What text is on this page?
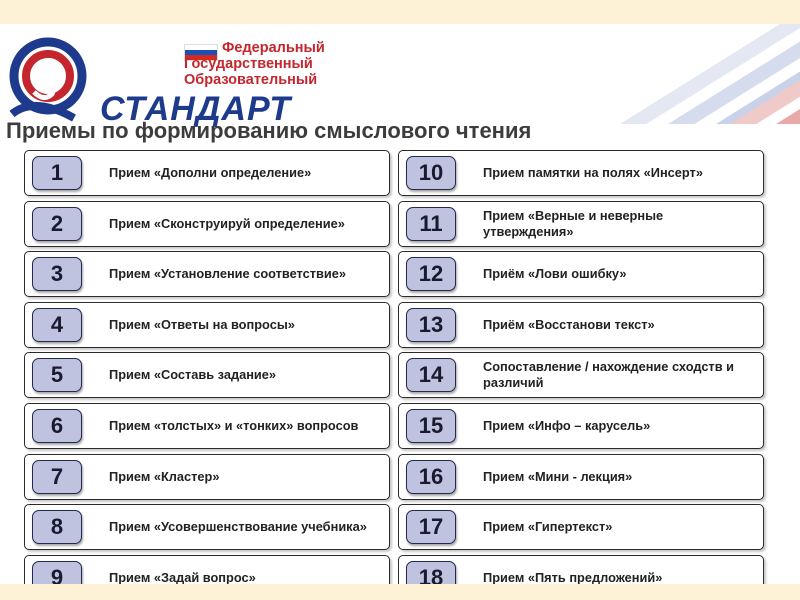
Федеральный
Государственный
Образовательный
СТАНДАРТ
Приемы по формированию смыслового чтения
1	Прием «Дополни определение»
2	Прием «Сконструируй определение»
3	Прием «Установление соответствие»
4	Прием «Ответы на вопросы»
5	Прием «Составь задание»
6	Прием «толстых» и «тонких» вопросов
7	Прием «Кластер»
8	Прием «Усовершенствование учебника»
9	Прием «Задай вопрос»
10	Прием памятки на полях «Инсерт»
11	Прием «Верные и неверные утверждения»
12	Приём «Лови ошибку»
13	Приём «Восстанови текст»
14	Сопоставление / нахождение сходств и различий
15	Прием «Инфо – карусель»
16	Прием «Мини - лекция»
17	Прием «Гипертекст»
18	Прием «Пять предложений»
